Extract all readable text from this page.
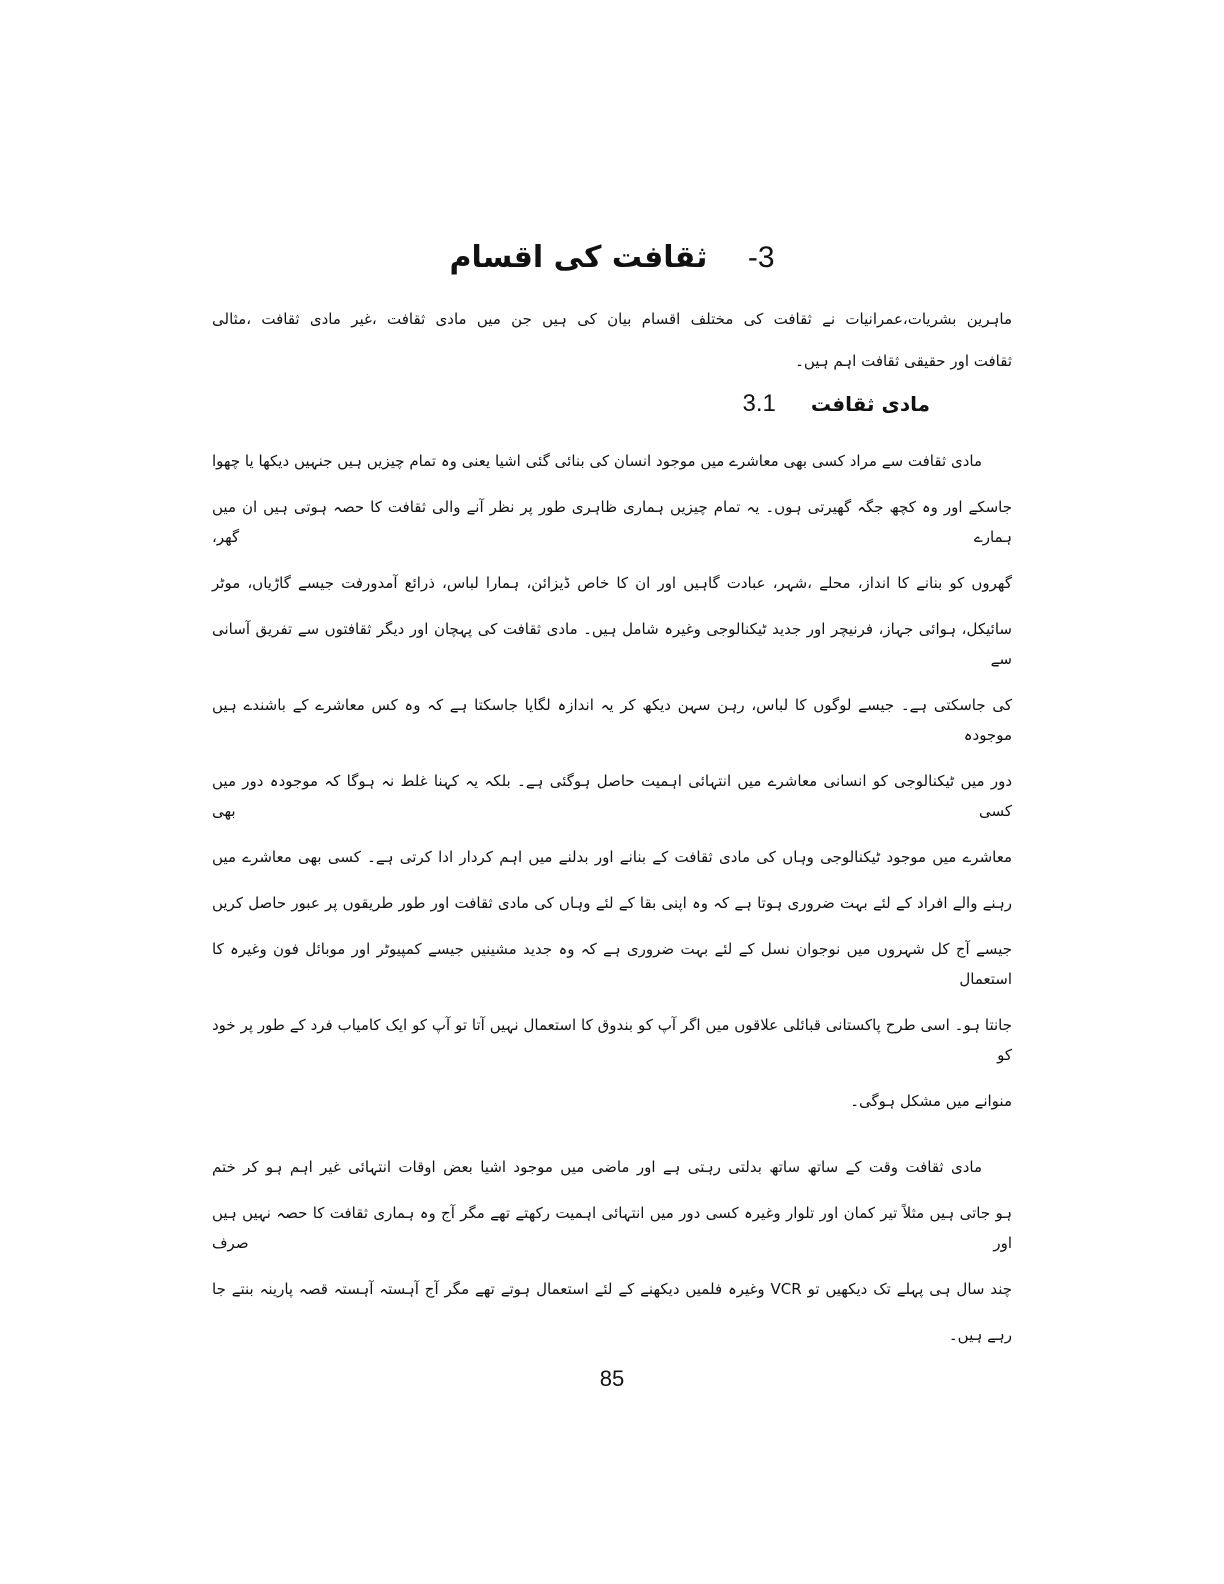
3- ثقافت کی اقسام
ماہرین بشریات،عمرانیات نے ثقافت کی مختلف اقسام بیان کی ہیں جن میں مادی ثقافت ،غیر مادی ثقافت ،مثالی
ثقافت اور حقیقی ثقافت اہم ہیں۔
مادی ثقافت 3.1
مادی ثقافت سے مراد کسی بھی معاشرے میں موجود انسان کی بنائی گئی اشیا یعنی وہ تمام چیزیں ہیں جنہیں دیکھا یا چھوا
جاسکے اور وہ کچھ جگہ گھیرتی ہوں۔ یہ تمام چیزیں ہماری ظاہری طور پر نظر آنے والی ثقافت کا حصہ ہوتی ہیں ان میں ہمارے گھر،
گھروں کو بنانے کا انداز، محلے ،شہر، عبادت گاہیں اور ان کا خاص ڈیزائن، ہمارا لباس، ذرائع آمدورفت جیسے گاڑیاں، موٹر
سائیکل، ہوائی جہاز، فرنیچر اور جدید ٹیکنالوجی وغیرہ شامل ہیں۔ مادی ثقافت کی پہچان اور دیگر ثقافتوں سے تفریق آسانی سے
کی جاسکتی ہے۔ جیسے لوگوں کا لباس، رہن سہن دیکھ کر یہ اندازہ لگایا جاسکتا ہے کہ وہ کس معاشرے کے باشندے ہیں موجودہ
دور میں ٹیکنالوجی کو انسانی معاشرے میں انتہائی اہمیت حاصل ہوگئی ہے۔ بلکہ یہ کہنا غلط نہ ہوگا کہ موجودہ دور میں کسی بھی
معاشرے میں موجود ٹیکنالوجی وہاں کی مادی ثقافت کے بنانے اور بدلنے میں اہم کردار ادا کرتی ہے۔ کسی بھی معاشرے میں
رہنے والے افراد کے لئے بہت ضروری ہوتا ہے کہ وہ اپنی بقا کے لئے وہاں کی مادی ثقافت اور طور طریقوں پر عبور حاصل کریں
جیسے آج کل شہروں میں نوجوان نسل کے لئے بہت ضروری ہے کہ وہ جدید مشینیں جیسے کمپیوٹر اور موبائل فون وغیرہ کا استعمال
جانتا ہو۔ اسی طرح پاکستانی قبائلی علاقوں میں اگر آپ کو بندوق کا استعمال نہیں آتا تو آپ کو ایک کامیاب فرد کے طور پر خود کو
منوانے میں مشکل ہوگی۔
مادی ثقافت وقت کے ساتھ ساتھ بدلتی رہتی ہے اور ماضی میں موجود اشیا بعض اوقات انتہائی غیر اہم ہو کر ختم
ہو جاتی ہیں مثلاً تیر کمان اور تلوار وغیرہ کسی دور میں انتہائی اہمیت رکھتے تھے مگر آج وہ ہماری ثقافت کا حصہ نہیں ہیں اور صرف
چند سال ہی پہلے تک دیکھیں تو VCR وغیرہ فلمیں دیکھنے کے لئے استعمال ہوتے تھے مگر آج آہستہ آہستہ قصہ پارینہ بنتے جا
رہے ہیں۔
85
